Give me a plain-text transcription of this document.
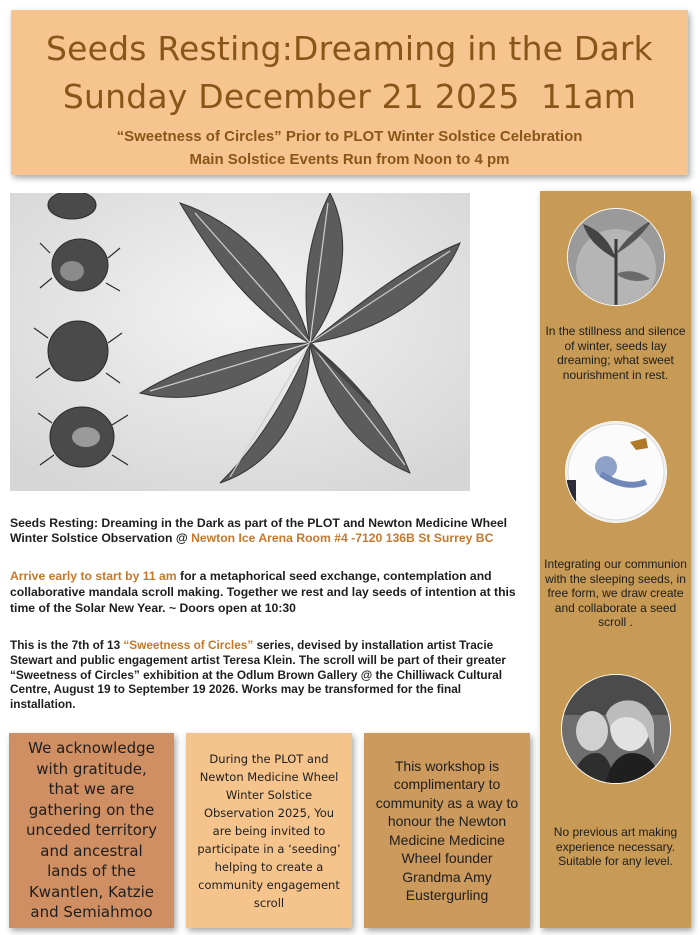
Seeds Resting:Dreaming in the Dark
Sunday December 21 2025  11am
“Sweetness of Circles” Prior to PLOT Winter Solstice Celebration
Main Solstice Events Run from Noon to 4 pm
In the stillness and silence of winter, seeds lay dreaming; what sweet nourishment in rest.
Integrating our communion with the sleeping seeds, in free form, we draw create and collaborate a seed scroll .
No previous art making experience necessary. Suitable for any level.
Seeds Resting: Dreaming in the Dark as part of the PLOT and Newton Medicine Wheel Winter Solstice Observation @ Newton Ice Arena Room #4 -7120 136B St Surrey BC
Arrive early to start by 11 am for a metaphorical seed exchange, contemplation and collaborative mandala scroll making. Together we rest and lay seeds of intention at this time of the Solar New Year. ~ Doors open at 10:30
This is the 7th of 13 “Sweetness of Circles” series, devised by installation artist Tracie Stewart and public engagement artist Teresa Klein. The scroll will be part of their greater “Sweetness of Circles” exhibition at the Odlum Brown Gallery @ the Chilliwack Cultural Centre, August 19 to September 19 2026. Works may be transformed for the final installation.
We acknowledge with gratitude, that we are gathering on the unceded territory and ancestral lands of the Kwantlen, Katzie and Semiahmoo
During the PLOT and Newton Medicine Wheel Winter Solstice Observation 2025, You are being invited to participate in a ‘seeding’ helping to create a community engagement scroll
This workshop is complimentary to community as a way to honour the Newton Medicine Medicine Wheel founder Grandma Amy Eustergurling
